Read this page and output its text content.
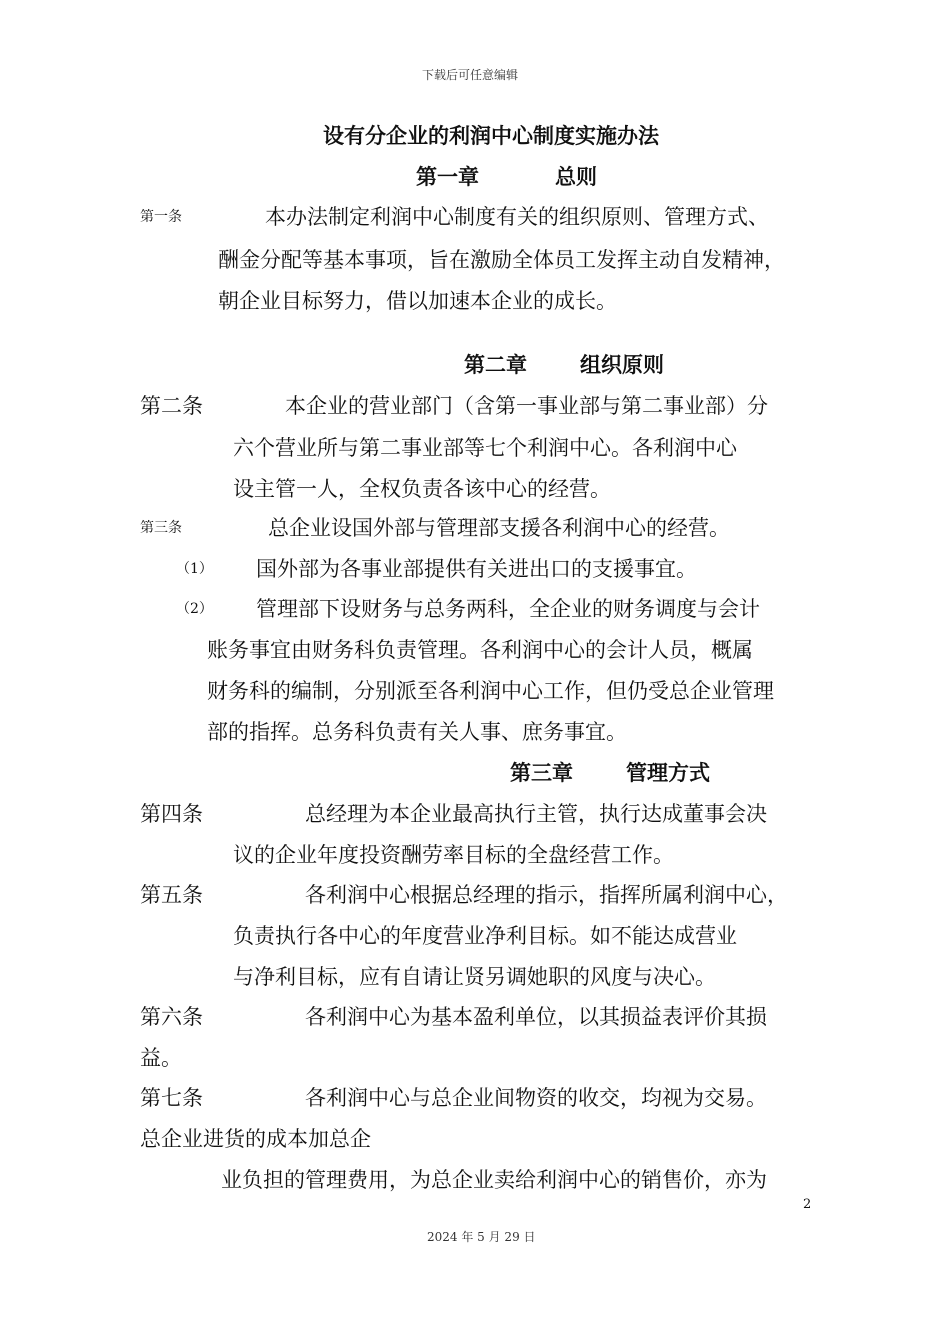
下载后可任意编辑
设有分企业的利润中心制度实施办法
第一章	总则
第一条	本办法制定利润中心制度有关的组织原则、管理方式、
酬金分配等基本事项，旨在激励全体员工发挥主动自发精神，
朝企业目标努力，借以加速本企业的成长。
第二章	组织原则
第二条	本企业的营业部门（含第一事业部与第二事业部）分
六个营业所与第二事业部等七个利润中心。各利润中心
设主管一人，全权负责各该中心的经营。
第三条	总企业设国外部与管理部支援各利润中心的经营。
（1） 国外部为各事业部提供有关进出口的支援事宜。
（2） 管理部下设财务与总务两科，全企业的财务调度与会计
账务事宜由财务科负责管理。各利润中心的会计人员，概属
财务科的编制，分别派至各利润中心工作，但仍受总企业管理
部的指挥。总务科负责有关人事、庶务事宜。
第三章	管理方式
第四条	总经理为本企业最高执行主管，执行达成董事会决
议的企业年度投资酬劳率目标的全盘经营工作。
第五条	各利润中心根据总经理的指示，指挥所属利润中心，
负责执行各中心的年度营业净利目标。如不能达成营业
与净利目标，应有自请让贤另调她职的风度与决心。
第六条	各利润中心为基本盈利单位，以其损益表评价其损
益。
第七条	各利润中心与总企业间物资的收交，均视为交易。
总企业进货的成本加总企
业负担的管理费用，为总企业卖给利润中心的销售价，亦为
2
2024 年 5 月 29 日
